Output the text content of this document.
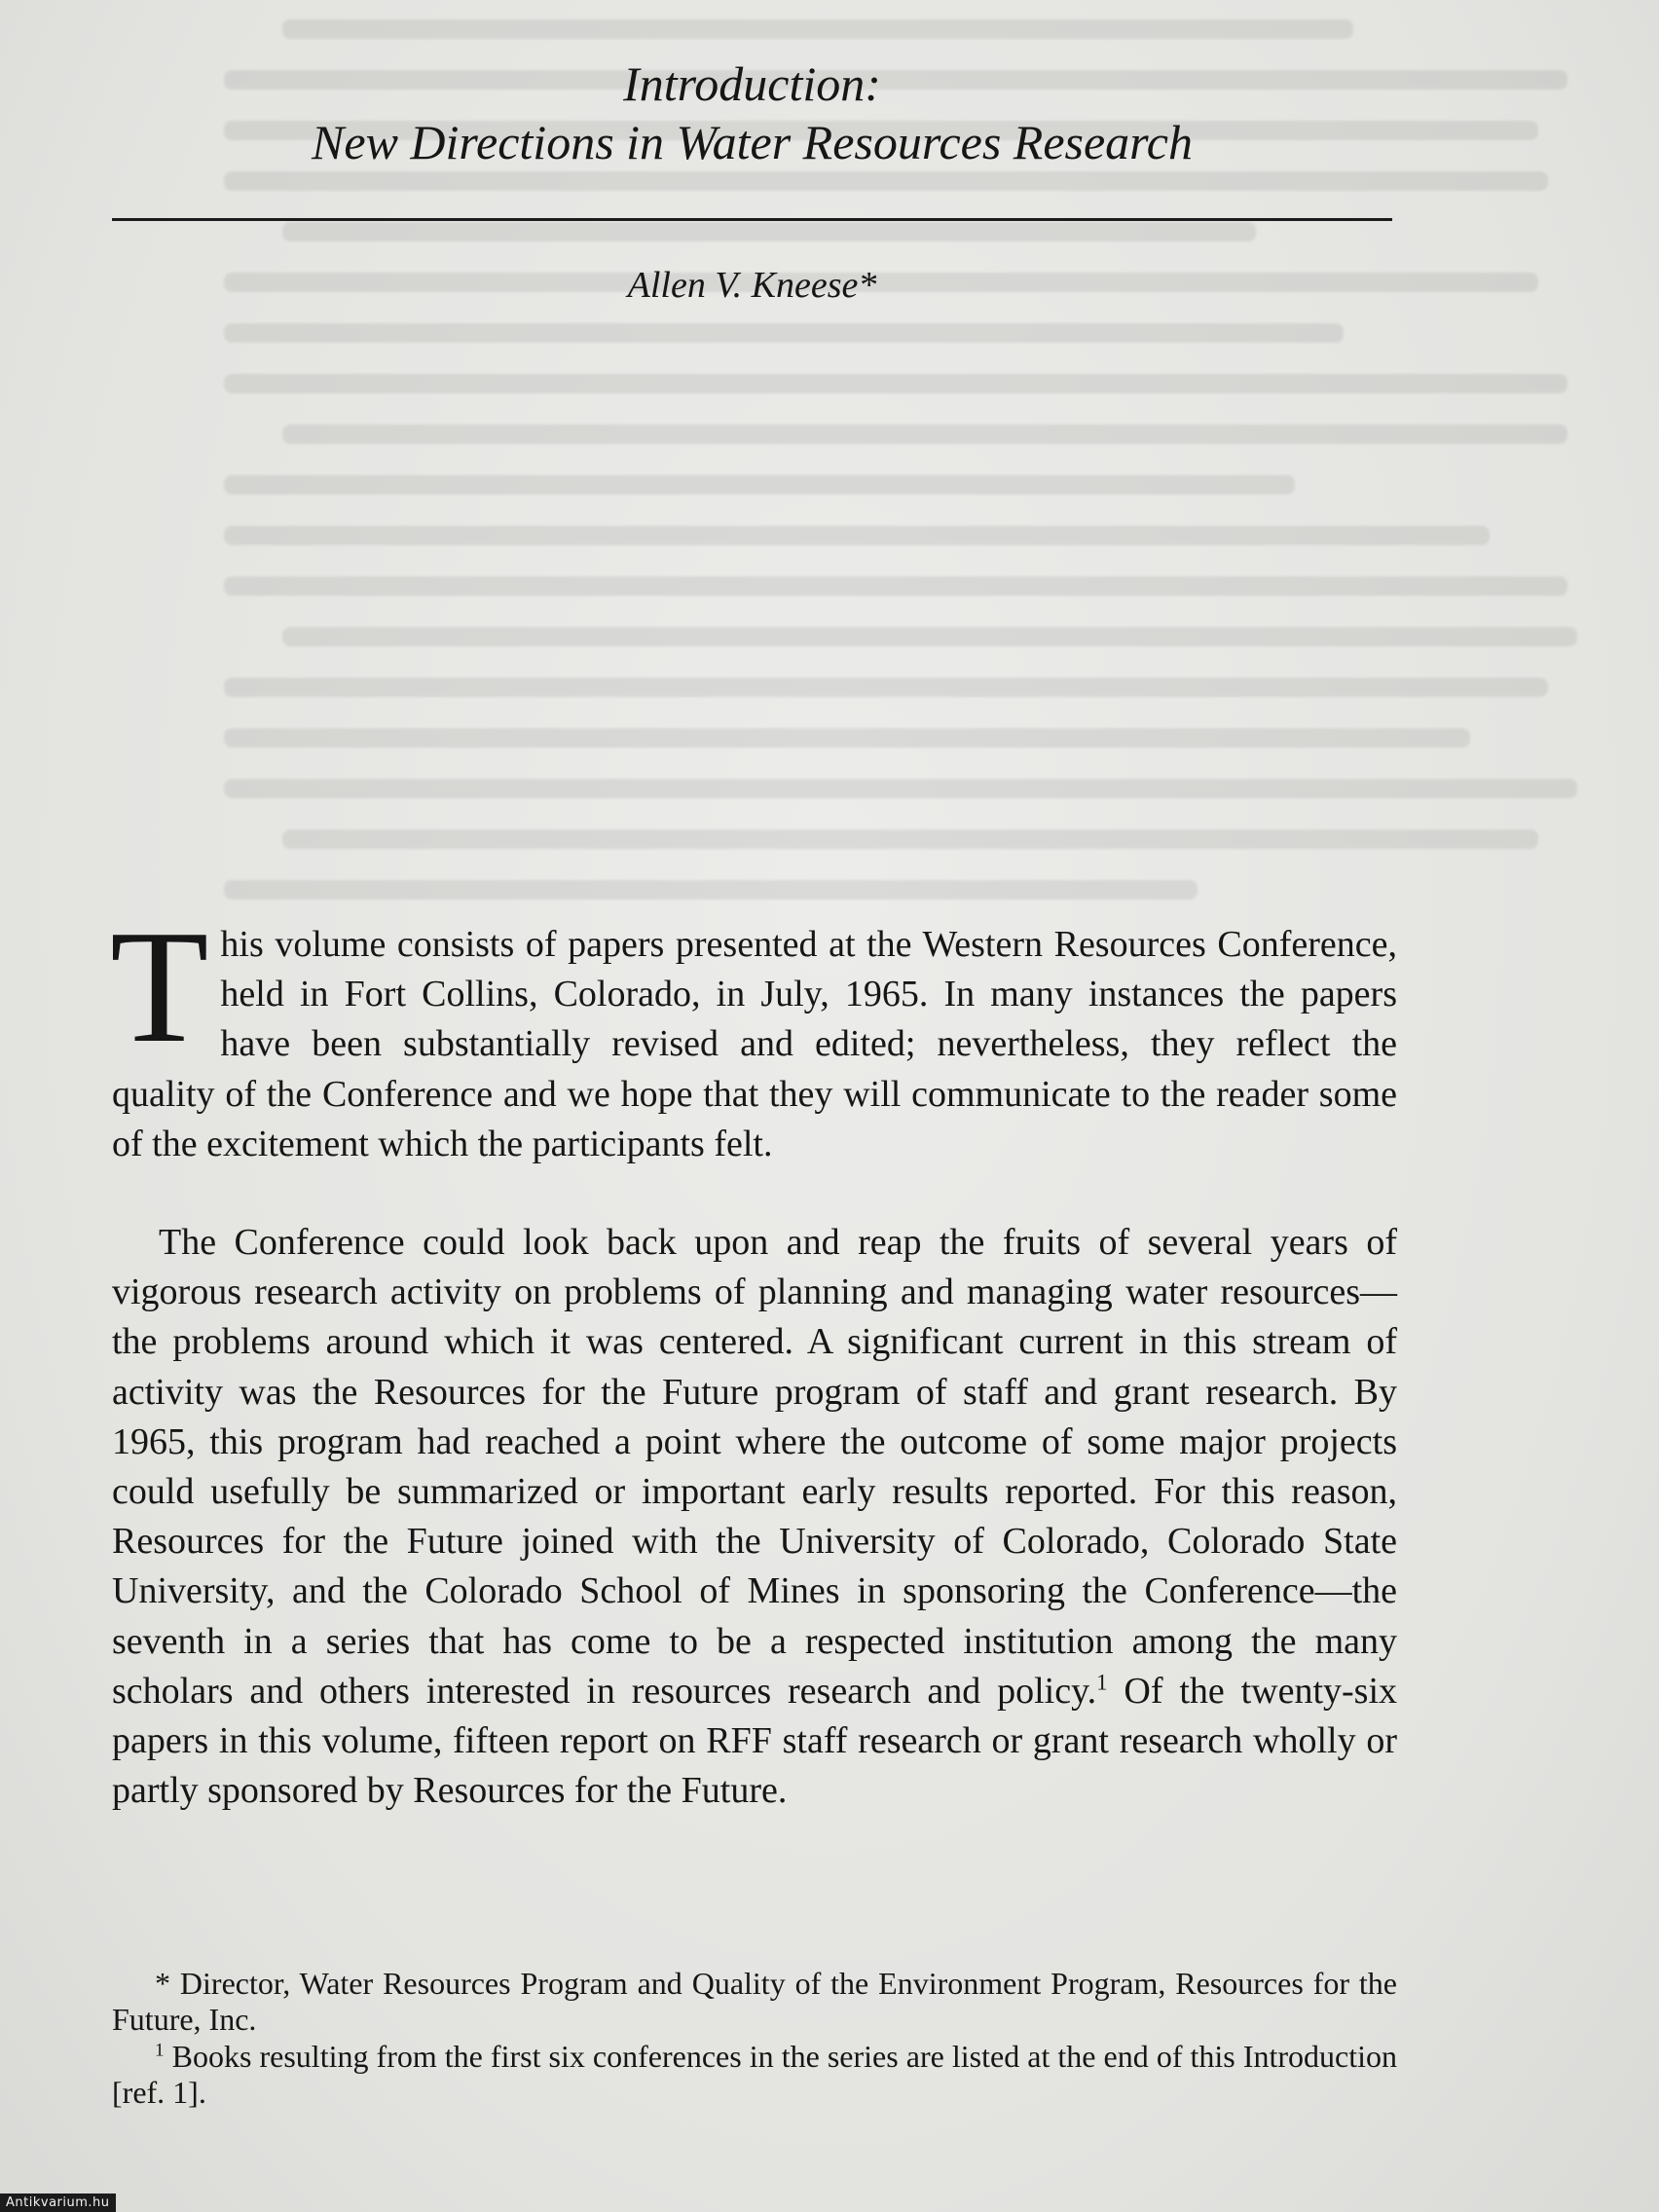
Introduction:
New Directions in Water Resources Research
Allen V. Kneese*

This volume consists of papers presented at the Western Resources Conference, held in Fort Collins, Colorado, in July, 1965. In many instances the papers have been substantially revised and edited; nevertheless, they reflect the quality of the Conference and we hope that they will communicate to the reader some of the excitement which the participants felt.

The Conference could look back upon and reap the fruits of several years of vigorous research activity on problems of planning and managing water resources—the problems around which it was centered. A significant current in this stream of activity was the Resources for the Future program of staff and grant research. By 1965, this program had reached a point where the outcome of some major projects could usefully be summarized or important early results reported. For this reason, Resources for the Future joined with the University of Colorado, Colorado State University, and the Colorado School of Mines in sponsoring the Conference—the seventh in a series that has come to be a respected institution among the many scholars and others interested in resources research and policy.$^1$ Of the twenty-six papers in this volume, fifteen report on RFF staff research or grant research wholly or partly sponsored by Resources for the Future.

* Director, Water Resources Program and Quality of the Environment Program, Resources for the Future, Inc.

$^1$ Books resulting from the first six conferences in the series are listed at the end of this Introduction [ref. 1].

Antikvarium.hu
